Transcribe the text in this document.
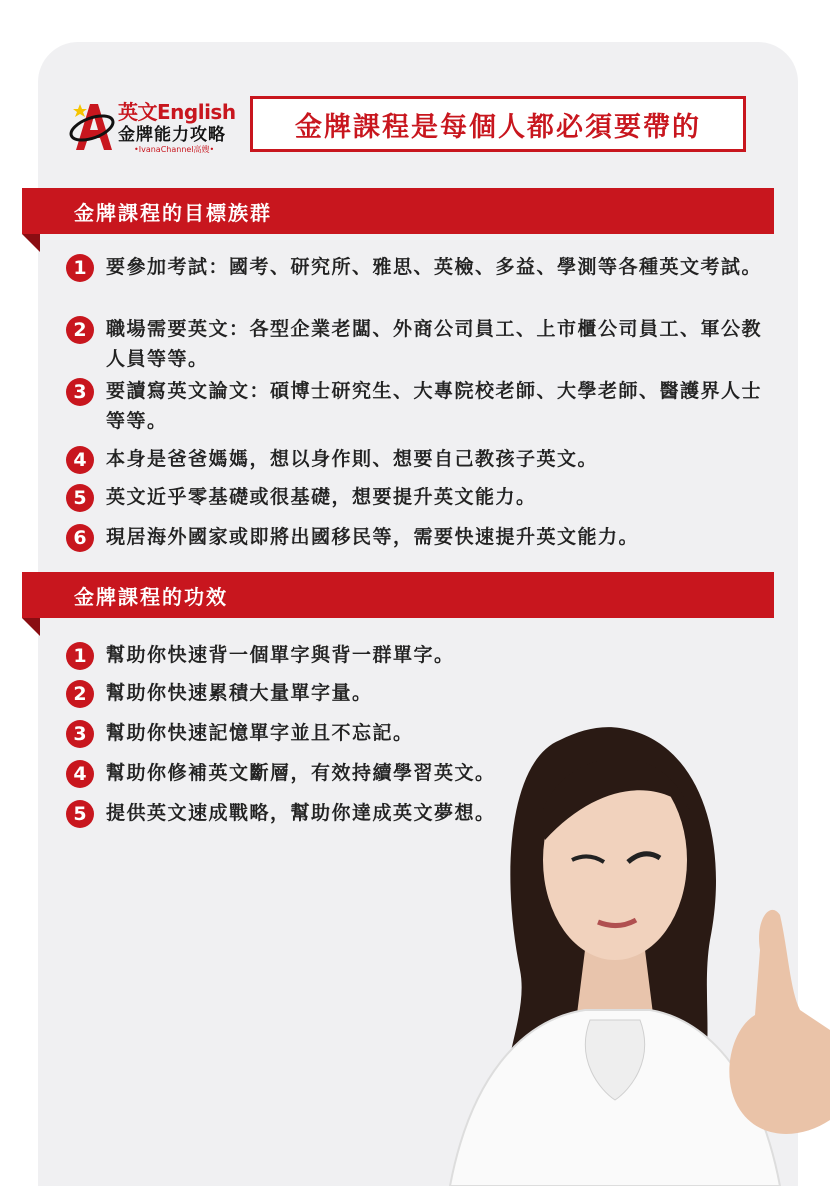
英文English
金牌能力攻略
•IvanaChannel高嫂•
金牌課程是每個人都必須要帶的
金牌課程的目標族群
1	要參加考試：國考、研究所、雅思、英檢、多益、學測等各種英文考試。
2	職場需要英文：各型企業老闆、外商公司員工、上市櫃公司員工、軍公教人員等等。
3	要讀寫英文論文：碩博士研究生、大專院校老師、大學老師、醫護界人士等等。
4	本身是爸爸媽媽，想以身作則、想要自己教孩子英文。
5	英文近乎零基礎或很基礎，想要提升英文能力。
6	現居海外國家或即將出國移民等，需要快速提升英文能力。
金牌課程的功效
1	幫助你快速背一個單字與背一群單字。
2	幫助你快速累積大量單字量。
3	幫助你快速記憶單字並且不忘記。
4	幫助你修補英文斷層，有效持續學習英文。
5	提供英文速成戰略，幫助你達成英文夢想。
